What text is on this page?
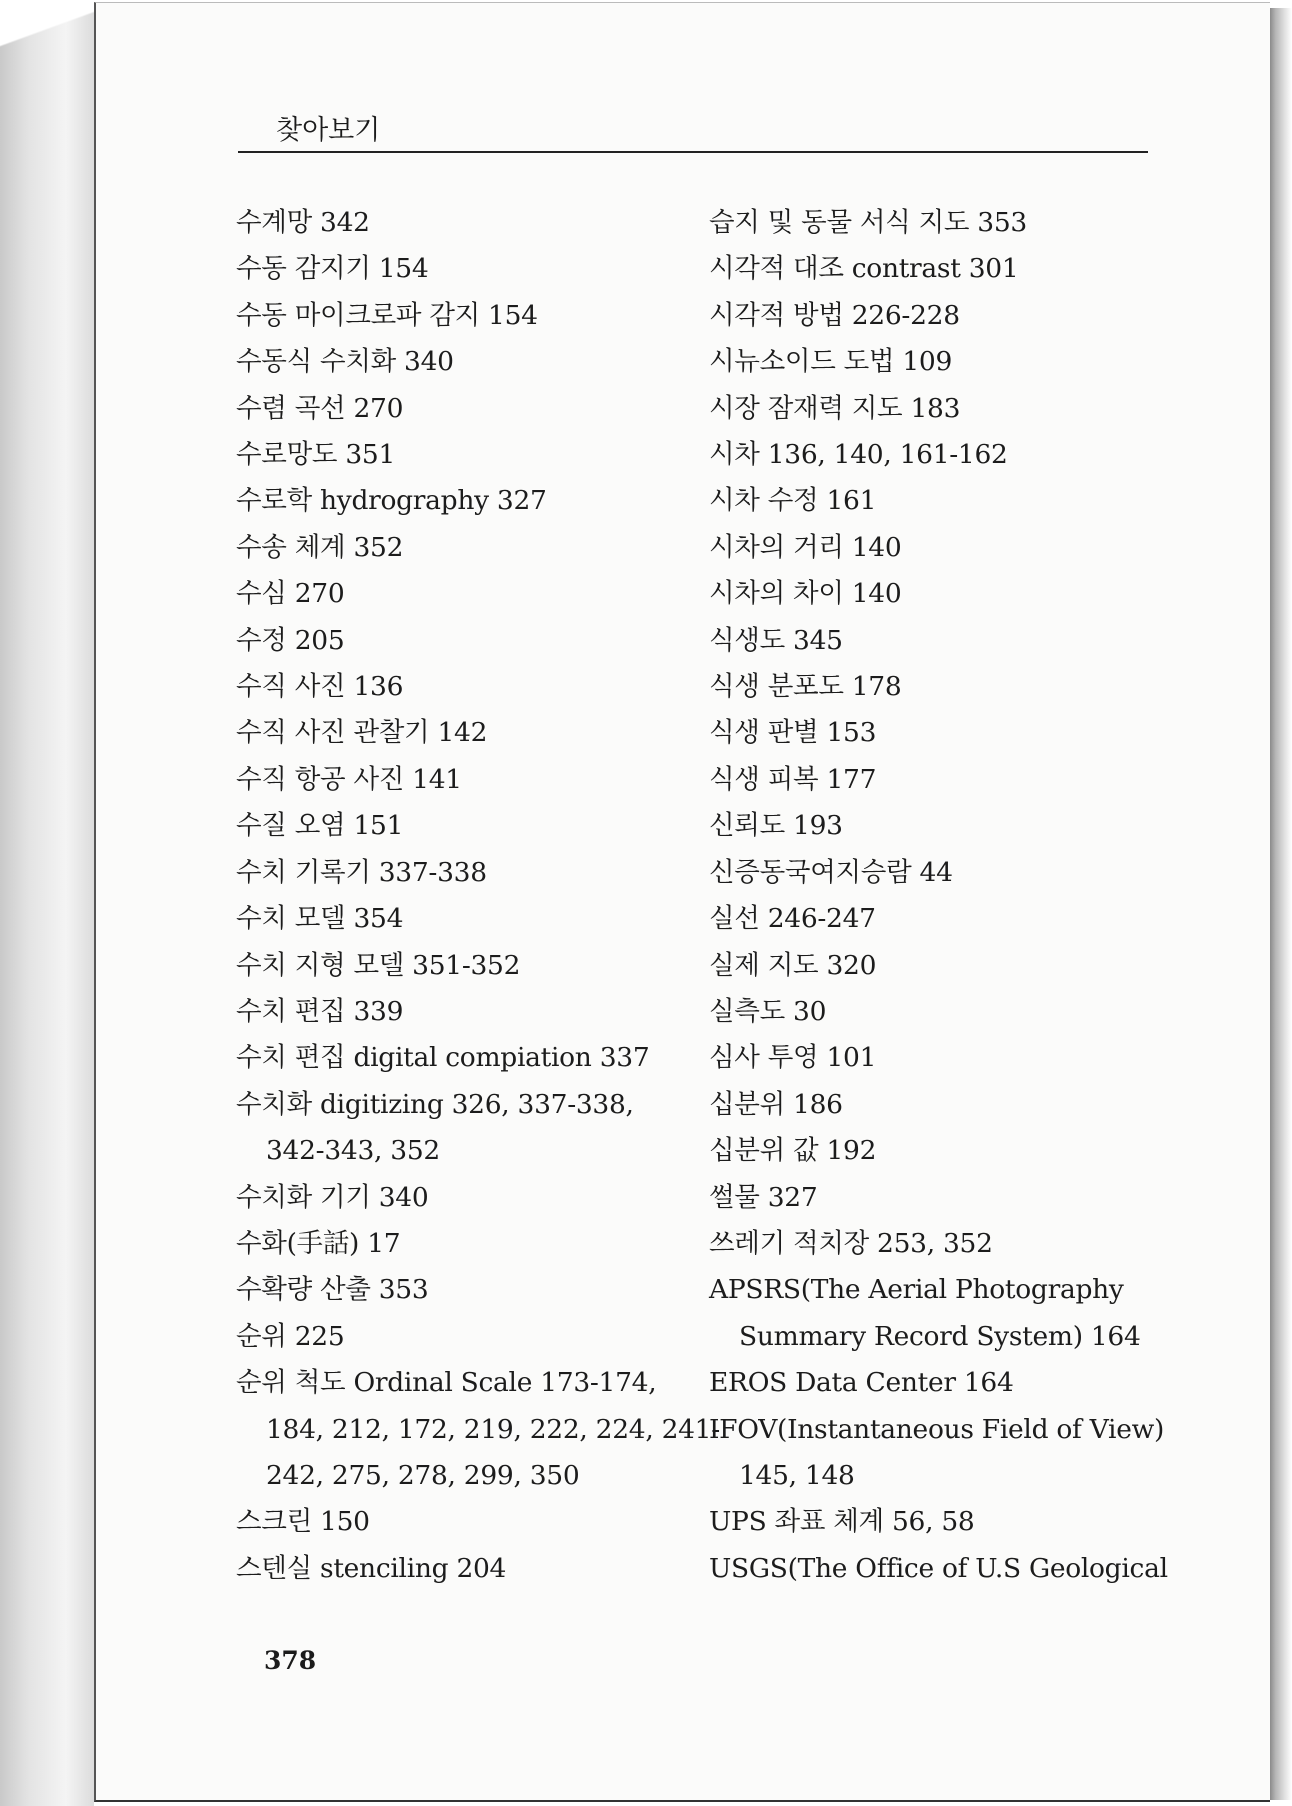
찾아보기
수계망 342
수동 감지기 154
수동 마이크로파 감지 154
수동식 수치화 340
수렴 곡선 270
수로망도 351
수로학 hydrography 327
수송 체계 352
수심 270
수정 205
수직 사진 136
수직 사진 관찰기 142
수직 항공 사진 141
수질 오염 151
수치 기록기 337-338
수치 모델 354
수치 지형 모델 351-352
수치 편집 339
수치 편집 digital compiation 337
수치화 digitizing 326, 337-338,
342-343, 352
수치화 기기 340
수화(手話) 17
수확량 산출 353
순위 225
순위 척도 Ordinal Scale 173-174,
184, 212, 172, 219, 222, 224, 241-
242, 275, 278, 299, 350
스크린 150
스텐실 stenciling 204
습지 및 동물 서식 지도 353
시각적 대조 contrast 301
시각적 방법 226-228
시뉴소이드 도법 109
시장 잠재력 지도 183
시차 136, 140, 161-162
시차 수정 161
시차의 거리 140
시차의 차이 140
식생도 345
식생 분포도 178
식생 판별 153
식생 피복 177
신뢰도 193
신증동국여지승람 44
실선 246-247
실제 지도 320
실측도 30
심사 투영 101
십분위 186
십분위 값 192
썰물 327
쓰레기 적치장 253, 352
APSRS(The Aerial Photography
Summary Record System) 164
EROS Data Center 164
IFOV(Instantaneous Field of View)
145, 148
UPS 좌표 체계 56, 58
USGS(The Office of U.S Geological
378
